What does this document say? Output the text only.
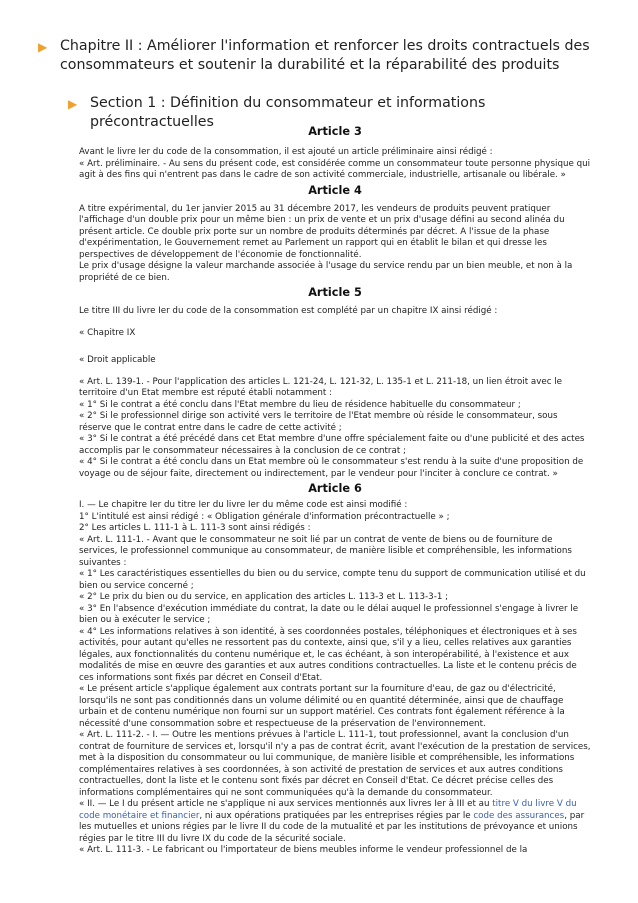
▶ Chapitre II : Améliorer l'information et renforcer les droits contractuels des consommateurs et soutenir la durabilité et la réparabilité des produits
▶ Section 1 : Définition du consommateur et informations précontractuelles
Article 3

Avant le livre Ier du code de la consommation, il est ajouté un article préliminaire ainsi rédigé :

« Art. préliminaire. - Au sens du présent code, est considérée comme un consommateur toute personne physique qui agit à des fins qui n'entrent pas dans le cadre de son activité commerciale, industrielle, artisanale ou libérale. »

Article 4

A titre expérimental, du 1er janvier 2015 au 31 décembre 2017, les vendeurs de produits peuvent pratiquer l'affichage d'un double prix pour un même bien : un prix de vente et un prix d'usage défini au second alinéa du présent article. Ce double prix porte sur un nombre de produits déterminés par décret. A l'issue de la phase d'expérimentation, le Gouvernement remet au Parlement un rapport qui en établit le bilan et qui dresse les perspectives de développement de l'économie de fonctionnalité.

Le prix d'usage désigne la valeur marchande associée à l'usage du service rendu par un bien meuble, et non à la propriété de ce bien.

Article 5

Le titre III du livre Ier du code de la consommation est complété par un chapitre IX ainsi rédigé :

« Chapitre IX

« Droit applicable

« Art. L. 139-1. - Pour l'application des articles L. 121-24, L. 121-32, L. 135-1 et L. 211-18, un lien étroit avec le territoire d'un Etat membre est réputé établi notamment :

« 1° Si le contrat a été conclu dans l'Etat membre du lieu de résidence habituelle du consommateur ;

« 2° Si le professionnel dirige son activité vers le territoire de l'Etat membre où réside le consommateur, sous réserve que le contrat entre dans le cadre de cette activité ;

« 3° Si le contrat a été précédé dans cet Etat membre d'une offre spécialement faite ou d'une publicité et des actes accomplis par le consommateur nécessaires à la conclusion de ce contrat ;

« 4° Si le contrat a été conclu dans un Etat membre où le consommateur s'est rendu à la suite d'une proposition de voyage ou de séjour faite, directement ou indirectement, par le vendeur pour l'inciter à conclure ce contrat. »

Article 6

I. — Le chapitre Ier du titre Ier du livre Ier du même code est ainsi modifié :

1° L'intitulé est ainsi rédigé : « Obligation générale d'information précontractuelle » ;

2° Les articles L. 111-1 à L. 111-3 sont ainsi rédigés :

« Art. L. 111-1. - Avant que le consommateur ne soit lié par un contrat de vente de biens ou de fourniture de services, le professionnel communique au consommateur, de manière lisible et compréhensible, les informations suivantes :

« 1° Les caractéristiques essentielles du bien ou du service, compte tenu du support de communication utilisé et du bien ou service concerné ;

« 2° Le prix du bien ou du service, en application des articles L. 113-3 et L. 113-3-1 ;

« 3° En l'absence d'exécution immédiate du contrat, la date ou le délai auquel le professionnel s'engage à livrer le bien ou à exécuter le service ;

« 4° Les informations relatives à son identité, à ses coordonnées postales, téléphoniques et électroniques et à ses activités, pour autant qu'elles ne ressortent pas du contexte, ainsi que, s'il y a lieu, celles relatives aux garanties légales, aux fonctionnalités du contenu numérique et, le cas échéant, à son interopérabilité, à l'existence et aux modalités de mise en œuvre des garanties et aux autres conditions contractuelles. La liste et le contenu précis de ces informations sont fixés par décret en Conseil d'Etat.

« Le présent article s'applique également aux contrats portant sur la fourniture d'eau, de gaz ou d'électricité, lorsqu'ils ne sont pas conditionnés dans un volume délimité ou en quantité déterminée, ainsi que de chauffage urbain et de contenu numérique non fourni sur un support matériel. Ces contrats font également référence à la nécessité d'une consommation sobre et respectueuse de la préservation de l'environnement.

« Art. L. 111-2. - I. — Outre les mentions prévues à l'article L. 111-1, tout professionnel, avant la conclusion d'un contrat de fourniture de services et, lorsqu'il n'y a pas de contrat écrit, avant l'exécution de la prestation de services, met à la disposition du consommateur ou lui communique, de manière lisible et compréhensible, les informations complémentaires relatives à ses coordonnées, à son activité de prestation de services et aux autres conditions contractuelles, dont la liste et le contenu sont fixés par décret en Conseil d'Etat. Ce décret précise celles des informations complémentaires qui ne sont communiquées qu'à la demande du consommateur.

« II. — Le I du présent article ne s'applique ni aux services mentionnés aux livres Ier à III et au titre V du livre V du code monétaire et financier, ni aux opérations pratiquées par les entreprises régies par le code des assurances, par les mutuelles et unions régies par le livre II du code de la mutualité et par les institutions de prévoyance et unions régies par le titre III du livre IX du code de la sécurité sociale.

« Art. L. 111-3. - Le fabricant ou l'importateur de biens meubles informe le vendeur professionnel de la
